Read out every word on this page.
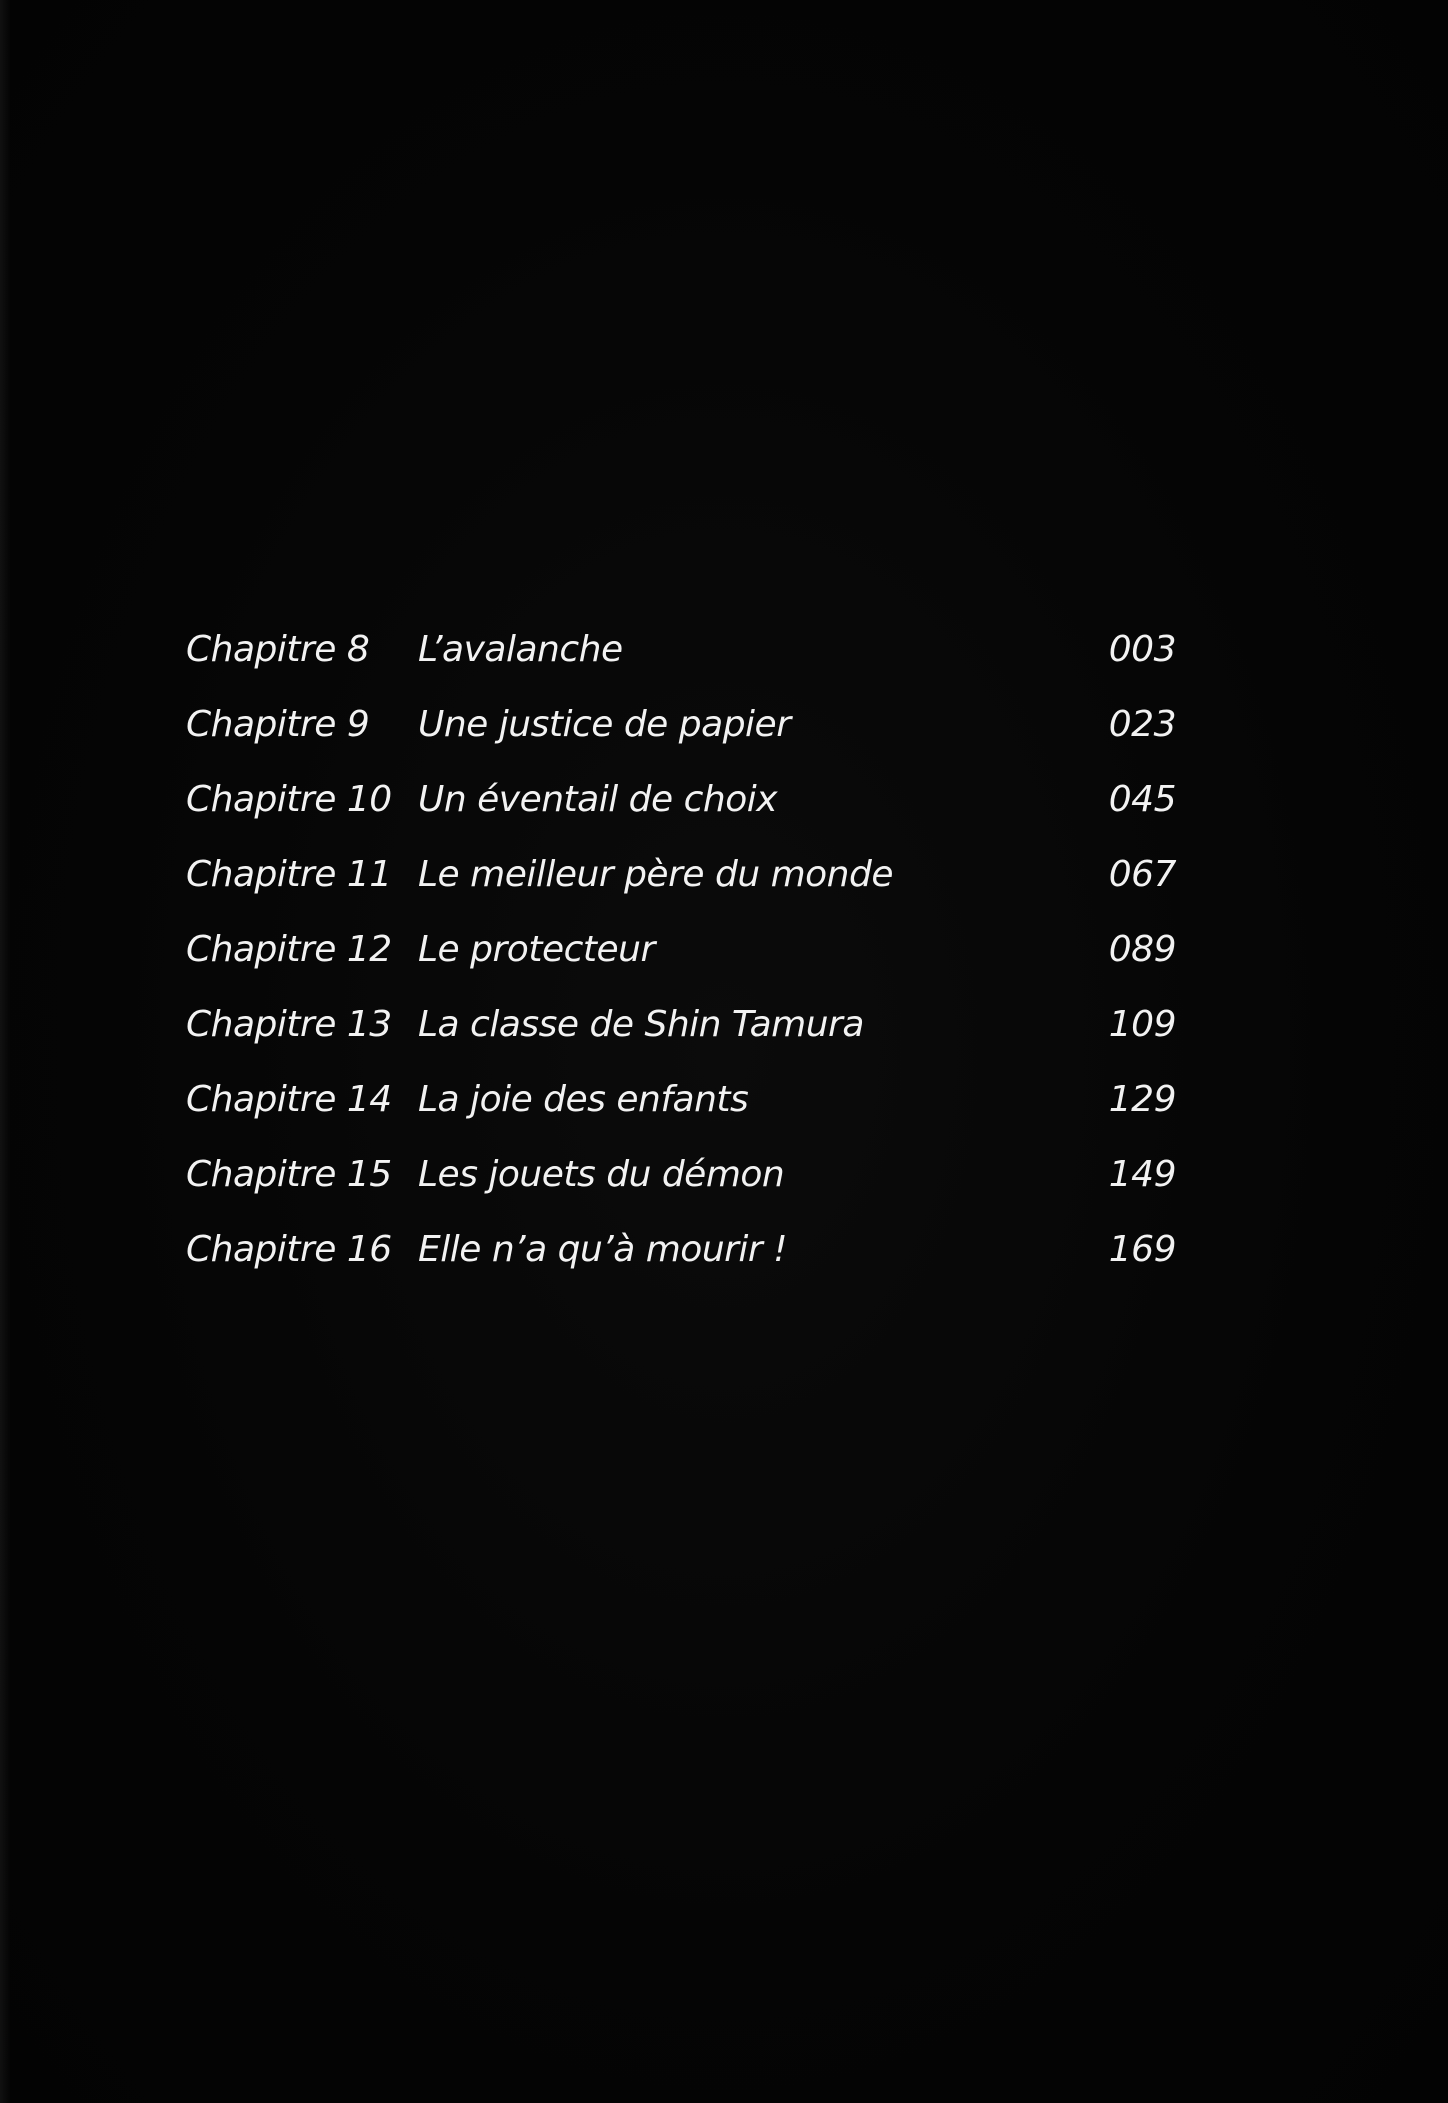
Chapitre 8 L’avalanche	003
Chapitre 9 Une justice de papier	023
Chapitre 10 Un éventail de choix	045
Chapitre 11 Le meilleur père du monde	067
Chapitre 12 Le protecteur	089
Chapitre 13 La classe de Shin Tamura	109
Chapitre 14 La joie des enfants	129
Chapitre 15 Les jouets du démon	149
Chapitre 16 Elle n’a qu’à mourir !	169
